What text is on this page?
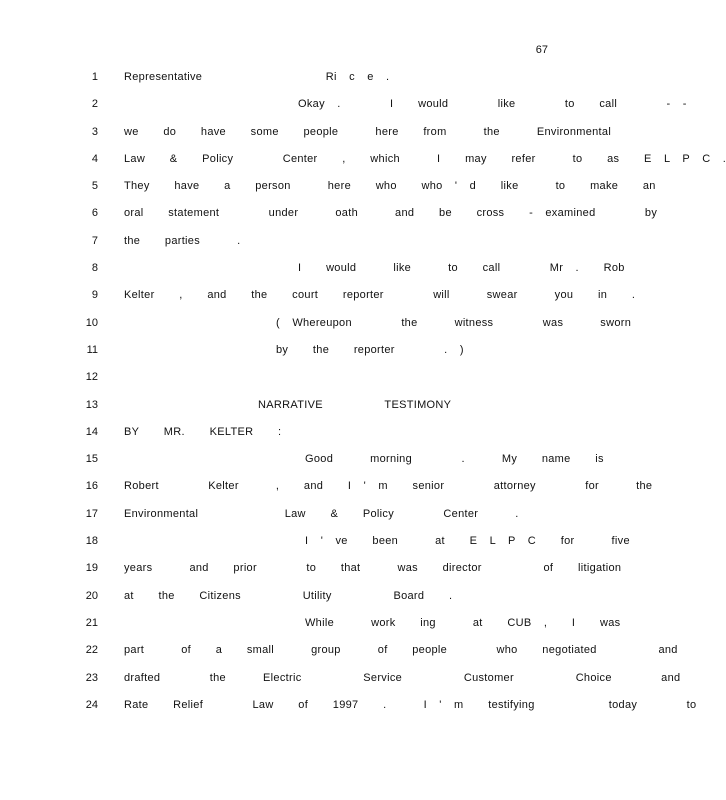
67
1 Representative          Ri c e .
2	Okay .    I  would    like    to  call    - -
3 we  do  have  some  people   here  from   the   Environmental
4 Law  &  Policy    Center  ,  which   I  may  refer   to  as  E L P C .
5 They  have  a  person   here  who  who ' d  like   to  make  an
6 oral  statement    under   oath   and  be  cross  - examined    by
7 the  parties   .
8	I  would   like   to  call    Mr .  Rob
9 Kelter  ,  and  the  court  reporter    will   swear   you  in  .
10	( Whereupon    the   witness    was   sworn
11	by  the  reporter    . )
12
13	NARRATIVE     TESTIMONY
14 BY  MR.  KELTER  :
15	Good   morning    .   My  name  is
16 Robert    Kelter   ,  and  I ' m  senior    attorney    for   the
17 Environmental       Law  &  Policy    Center   .
18	I ' ve  been   at  E L P C  for   five
19 years   and  prior    to  that   was  director     of  litigation
20 at  the  Citizens     Utility     Board  .
21	While   work  ing   at  CUB ,  I  was
22 part   of  a  small   group   of  people    who  negotiated     and
23 drafted    the   Electric     Service     Customer     Choice    and
24 Rate  Relief    Law  of  1997  .   I ' m  testifying      today    to
